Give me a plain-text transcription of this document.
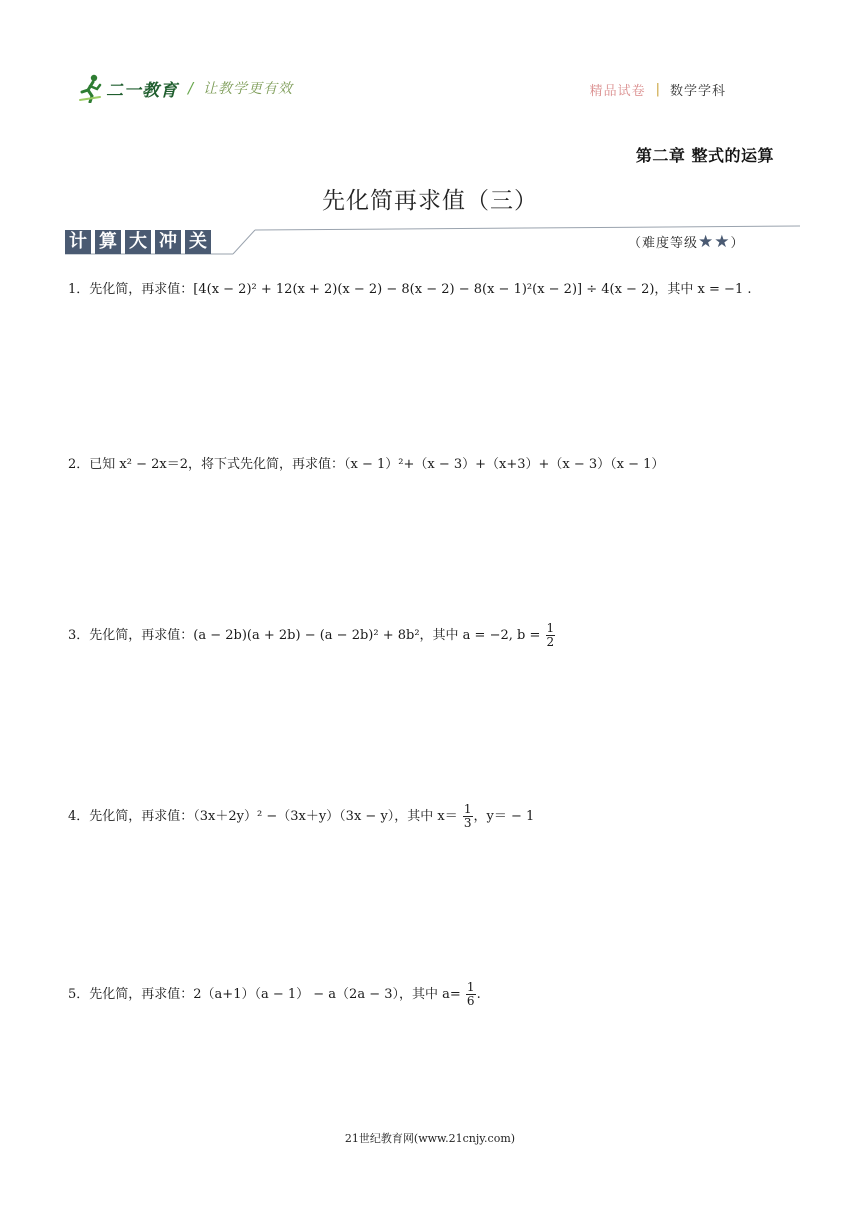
二一教育 / 让教学更有效	精品试卷 | 数学学科
第二章 整式的运算
先化简再求值（三）
计 算 大 冲 关	（难度等级★★）
1．先化简，再求值：[4(x − 2)² + 12(x + 2)(x − 2) − 8(x − 2) − 8(x − 1)²(x − 2)] ÷ 4(x − 2)，其中 x = −1 .
2．已知 x² − 2x＝2，将下式先化简，再求值：（x − 1）²+（x − 3）+（x+3）+（x − 3）（x − 1）
3．先化简，再求值：(a − 2b)(a + 2b) − (a − 2b)² + 8b²，其中 a = −2, $b = \frac{1}{2}$
4．先化简，再求值：（3x＋2y）² −（3x＋y）（3x − y），其中 $x= \frac{1}{3}$ ，y＝ − 1
5．先化简，再求值：2（a+1）（a − 1） − a（2a − 3），其中 $a= \frac{1}{6}$ .
21世纪教育网(www.21cnjy.com)
